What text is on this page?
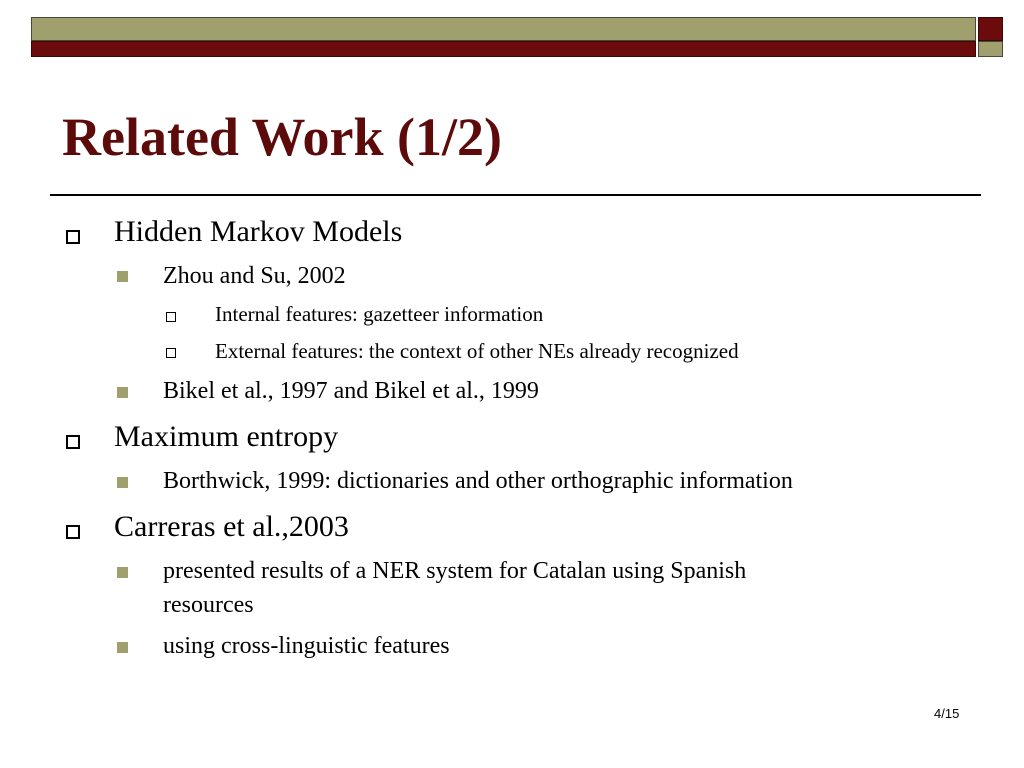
Related Work (1/2)
Hidden Markov Models
Zhou and Su, 2002
Internal features: gazetteer information
External features: the context of other NEs already recognized
Bikel et al., 1997 and Bikel et al., 1999
Maximum entropy
Borthwick, 1999: dictionaries and other orthographic information
Carreras et al.,2003
presented results of a NER system for Catalan using Spanish
resources
using cross-linguistic features
4/15
